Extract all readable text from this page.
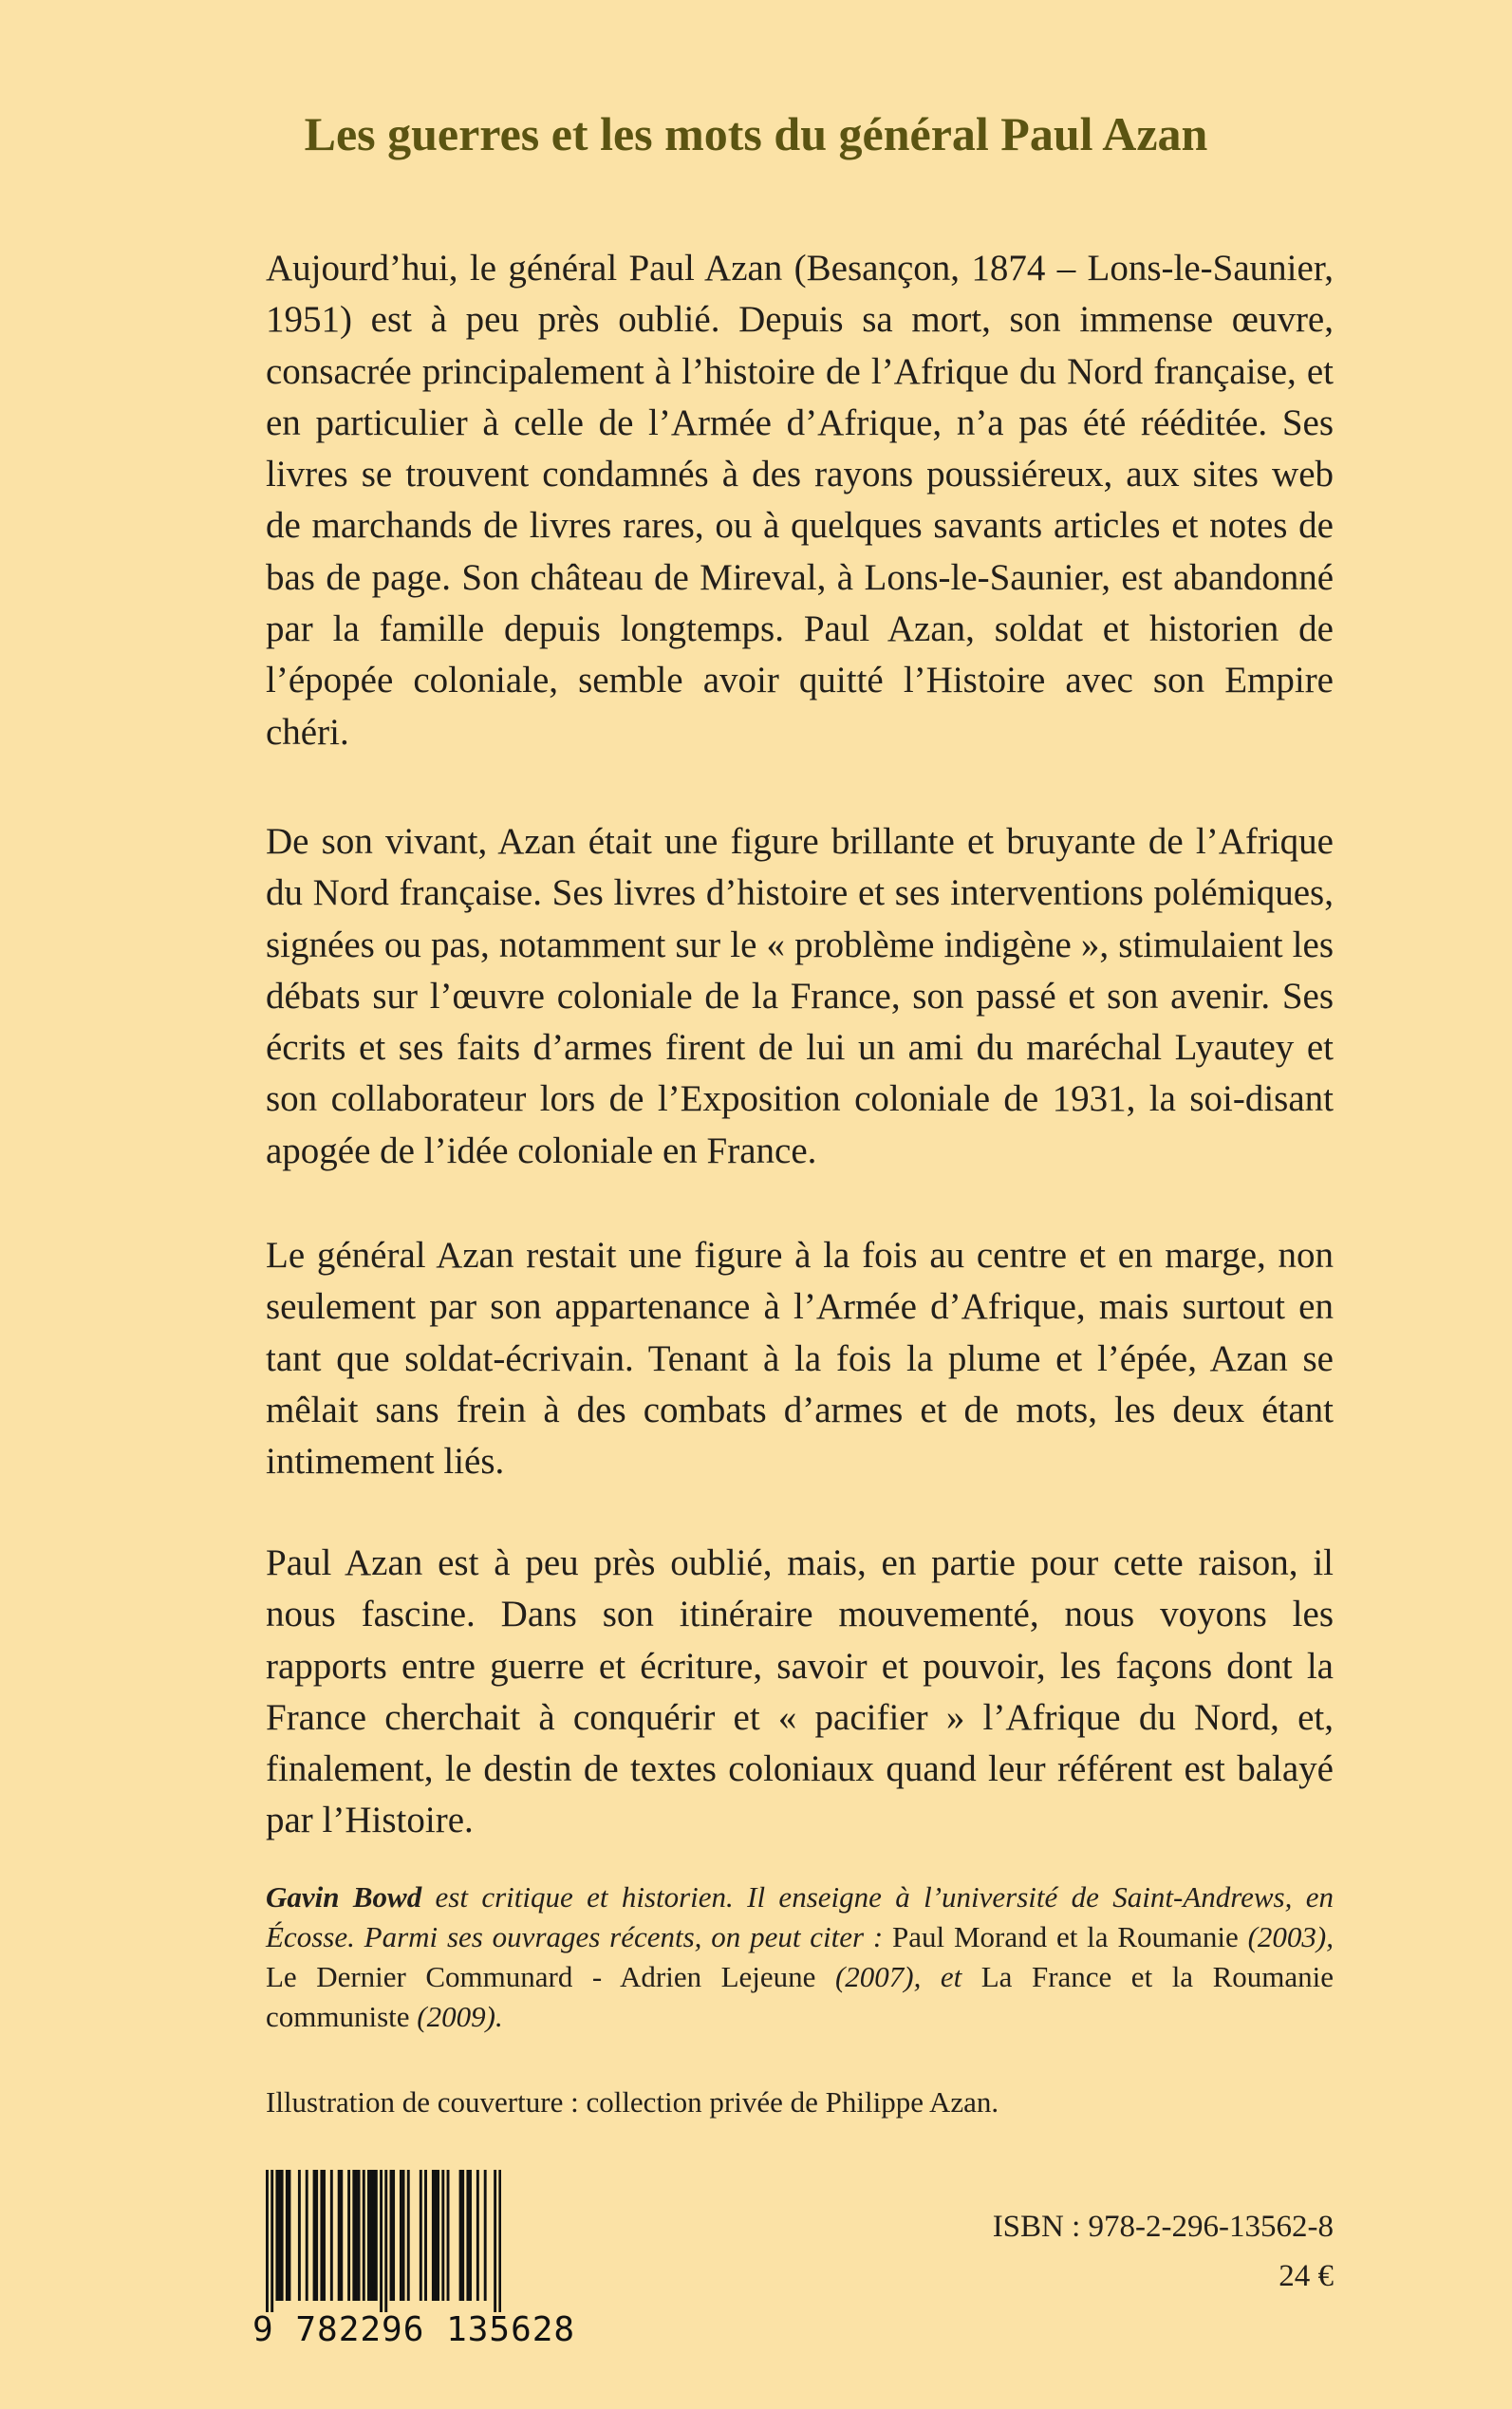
Les guerres et les mots du général Paul Azan

Aujourd’hui, le général Paul Azan (Besançon, 1874 – Lons-le-Saunier, 1951) est à peu près oublié. Depuis sa mort, son immense œuvre, consacrée principalement à l’histoire de l’Afrique du Nord française, et en particulier à celle de l’Armée d’Afrique, n’a pas été rééditée. Ses livres se trouvent condamnés à des rayons poussiéreux, aux sites web de marchands de livres rares, ou à quelques savants articles et notes de bas de page. Son château de Mireval, à Lons-le-Saunier, est abandonné par la famille depuis longtemps. Paul Azan, soldat et historien de l’épopée coloniale, semble avoir quitté l’Histoire avec son Empire chéri.

De son vivant, Azan était une figure brillante et bruyante de l’Afrique du Nord française. Ses livres d’histoire et ses interventions polémiques, signées ou pas, notamment sur le « problème indigène », stimulaient les débats sur l’œuvre coloniale de la France, son passé et son avenir. Ses écrits et ses faits d’armes firent de lui un ami du maréchal Lyautey et son collaborateur lors de l’Exposition coloniale de 1931, la soi-disant apogée de l’idée coloniale en France.

Le général Azan restait une figure à la fois au centre et en marge, non seulement par son appartenance à l’Armée d’Afrique, mais surtout en tant que soldat-écrivain. Tenant à la fois la plume et l’épée, Azan se mêlait sans frein à des combats d’armes et de mots, les deux étant intimement liés.

Paul Azan est à peu près oublié, mais, en partie pour cette raison, il nous fascine. Dans son itinéraire mouvementé, nous voyons les rapports entre guerre et écriture, savoir et pouvoir, les façons dont la France cherchait à conquérir et « pacifier » l’Afrique du Nord, et, finalement, le destin de textes coloniaux quand leur référent est balayé par l’Histoire.

Gavin Bowd est critique et historien. Il enseigne à l’université de Saint-Andrews, en Écosse. Parmi ses ouvrages récents, on peut citer : Paul Morand et la Roumanie (2003), Le Dernier Communard - Adrien Lejeune (2007), et La France et la Roumanie communiste (2009).

Illustration de couverture : collection privée de Philippe Azan.
9 782296 135628
ISBN : 978-2-296-13562-8
24 €
